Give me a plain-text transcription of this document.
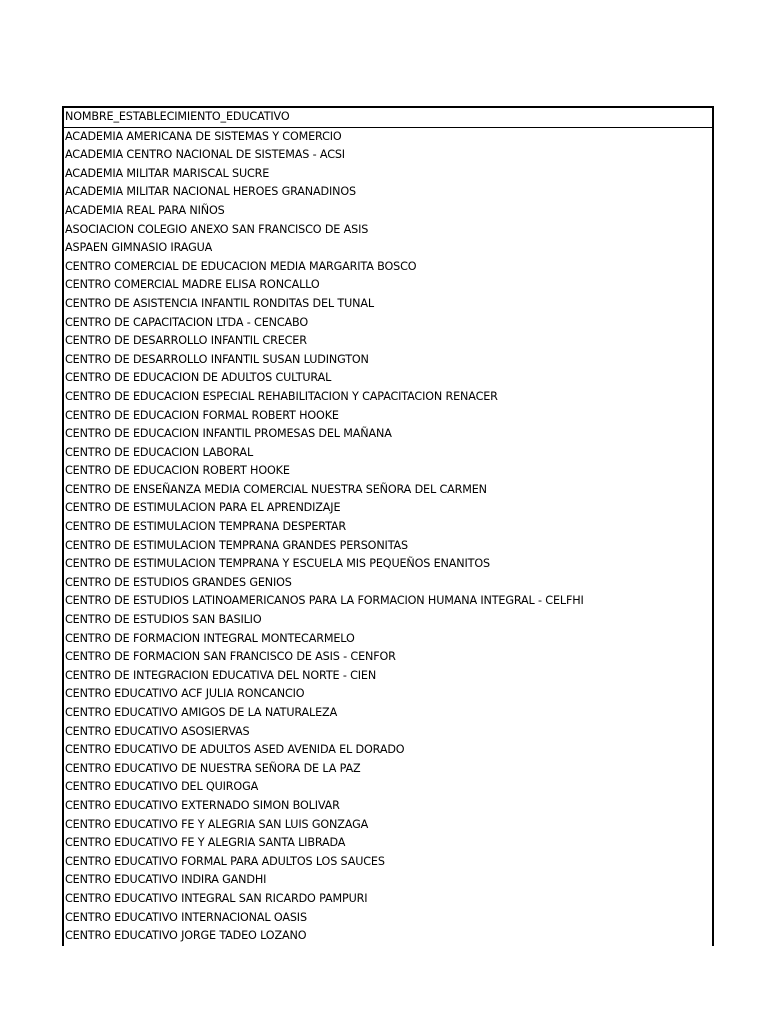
NOMBRE_ESTABLECIMIENTO_EDUCATIVO
ACADEMIA AMERICANA DE SISTEMAS Y COMERCIO
ACADEMIA CENTRO NACIONAL DE SISTEMAS - ACSI
ACADEMIA MILITAR MARISCAL SUCRE
ACADEMIA MILITAR NACIONAL HEROES GRANADINOS
ACADEMIA REAL PARA NIÑOS
ASOCIACION COLEGIO ANEXO SAN FRANCISCO DE ASIS
ASPAEN GIMNASIO IRAGUA
CENTRO COMERCIAL DE EDUCACION MEDIA MARGARITA BOSCO
CENTRO COMERCIAL MADRE ELISA RONCALLO
CENTRO DE ASISTENCIA INFANTIL RONDITAS DEL TUNAL
CENTRO DE CAPACITACION LTDA - CENCABO
CENTRO DE DESARROLLO INFANTIL CRECER
CENTRO DE DESARROLLO INFANTIL SUSAN LUDINGTON
CENTRO DE EDUCACION DE ADULTOS CULTURAL
CENTRO DE EDUCACION ESPECIAL REHABILITACION Y CAPACITACION RENACER
CENTRO DE EDUCACION FORMAL ROBERT HOOKE
CENTRO DE EDUCACION INFANTIL PROMESAS DEL MAÑANA
CENTRO DE EDUCACION LABORAL
CENTRO DE EDUCACION ROBERT HOOKE
CENTRO DE ENSEÑANZA MEDIA COMERCIAL NUESTRA SEÑORA DEL CARMEN
CENTRO DE ESTIMULACION PARA EL APRENDIZAJE
CENTRO DE ESTIMULACION TEMPRANA DESPERTAR
CENTRO DE ESTIMULACION TEMPRANA GRANDES PERSONITAS
CENTRO DE ESTIMULACION TEMPRANA Y ESCUELA MIS PEQUEÑOS ENANITOS
CENTRO DE ESTUDIOS GRANDES GENIOS
CENTRO DE ESTUDIOS LATINOAMERICANOS PARA LA FORMACION HUMANA INTEGRAL - CELFHI
CENTRO DE ESTUDIOS SAN BASILIO
CENTRO DE FORMACION INTEGRAL MONTECARMELO
CENTRO DE FORMACION SAN FRANCISCO DE ASIS - CENFOR
CENTRO DE INTEGRACION EDUCATIVA DEL NORTE - CIEN
CENTRO EDUCATIVO ACF JULIA RONCANCIO
CENTRO EDUCATIVO AMIGOS DE LA NATURALEZA
CENTRO EDUCATIVO ASOSIERVAS
CENTRO EDUCATIVO DE ADULTOS ASED AVENIDA EL DORADO
CENTRO EDUCATIVO DE NUESTRA SEÑORA DE LA PAZ
CENTRO EDUCATIVO DEL QUIROGA
CENTRO EDUCATIVO EXTERNADO SIMON BOLIVAR
CENTRO EDUCATIVO FE Y ALEGRIA SAN LUIS GONZAGA
CENTRO EDUCATIVO FE Y ALEGRIA SANTA LIBRADA
CENTRO EDUCATIVO FORMAL PARA ADULTOS LOS SAUCES
CENTRO EDUCATIVO INDIRA GANDHI
CENTRO EDUCATIVO INTEGRAL SAN RICARDO PAMPURI
CENTRO EDUCATIVO INTERNACIONAL OASIS
CENTRO EDUCATIVO JORGE TADEO LOZANO
